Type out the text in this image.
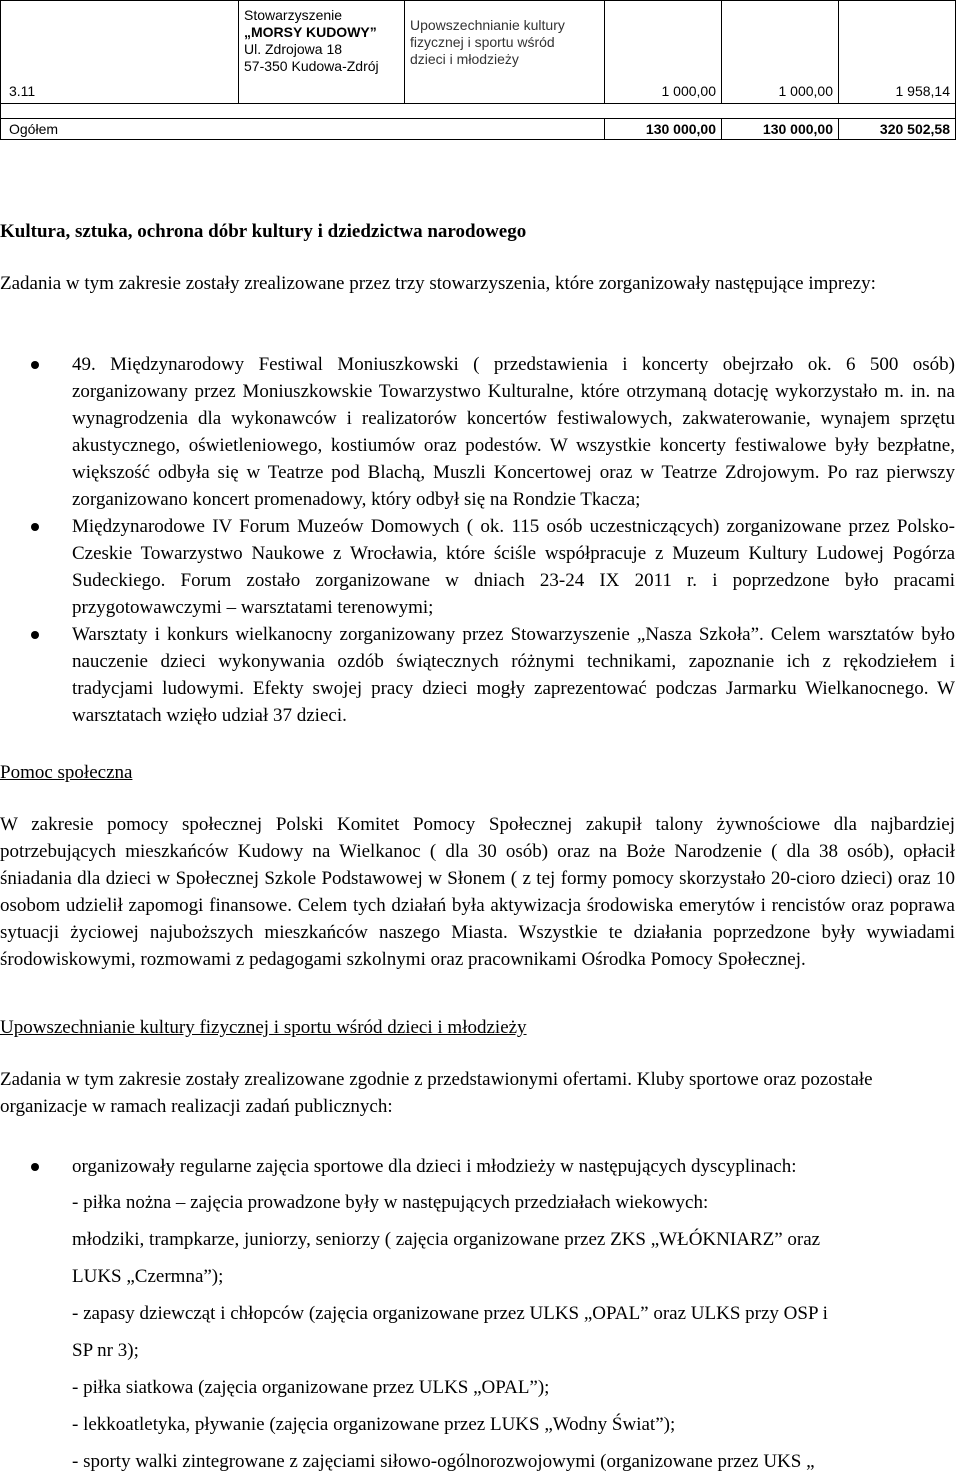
3.11	Stowarzyszenie
„MORSY KUDOWY”
Ul. Zdrojowa 18
57-350 Kudowa-Zdrój	Upowszechnianie kultury
fizycznej i sportu wśród
dzieci i młodzieży	1 000,00	1 000,00	1 958,14

Ogółem			130 000,00	130 000,00	320 502,58
Kultura, sztuka, ochrona dóbr kultury i dziedzictwa narodowego
Zadania w tym zakresie zostały zrealizowane przez trzy stowarzyszenia, które zorganizowały następujące imprezy:
49. Międzynarodowy Festiwal Moniuszkowski ( przedstawienia i koncerty obejrzało ok. 6 500 osób) zorganizowany przez Moniuszkowskie Towarzystwo Kulturalne, które otrzymaną dotację wykorzystało m. in. na wynagrodzenia dla wykonawców i realizatorów koncertów festiwalowych, zakwaterowanie, wynajem sprzętu akustycznego, oświetleniowego, kostiumów oraz podestów. W wszystkie koncerty festiwalowe były bezpłatne, większość odbyła się w Teatrze pod Blachą, Muszli Koncertowej oraz w Teatrze Zdrojowym. Po raz pierwszy zorganizowano koncert promenadowy, który odbył się na Rondzie Tkacza;
Międzynarodowe IV Forum Muzeów Domowych ( ok. 115 osób uczestniczących) zorganizowane przez Polsko-Czeskie Towarzystwo Naukowe z Wrocławia, które ściśle współpracuje z Muzeum Kultury Ludowej Pogórza Sudeckiego. Forum zostało zorganizowane w dniach 23-24 IX 2011 r. i poprzedzone było pracami przygotowawczymi – warsztatami terenowymi;
Warsztaty i konkurs wielkanocny zorganizowany przez Stowarzyszenie „Nasza Szkoła”. Celem warsztatów było nauczenie dzieci wykonywania ozdób świątecznych różnymi technikami, zapoznanie ich z rękodziełem i tradycjami ludowymi. Efekty swojej pracy dzieci mogły zaprezentować podczas Jarmarku Wielkanocnego. W warsztatach wzięło udział 37 dzieci.
Pomoc społeczna
W zakresie pomocy społecznej Polski Komitet Pomocy Społecznej zakupił talony żywnościowe dla najbardziej potrzebujących mieszkańców Kudowy na Wielkanoc ( dla 30 osób) oraz na Boże Narodzenie ( dla 38 osób), opłacił śniadania dla dzieci w Społecznej Szkole Podstawowej w Słonem ( z tej formy pomocy skorzystało 20-cioro dzieci) oraz 10 osobom udzielił zapomogi finansowe. Celem tych działań była aktywizacja środowiska emerytów i rencistów oraz poprawa sytuacji życiowej najuboższych mieszkańców naszego Miasta. Wszystkie te działania poprzedzone były wywiadami środowiskowymi, rozmowami z pedagogami szkolnymi oraz pracownikami Ośrodka Pomocy Społecznej.
Upowszechnianie kultury fizycznej i sportu wśród dzieci i młodzieży
Zadania w tym zakresie zostały zrealizowane zgodnie z przedstawionymi ofertami. Kluby sportowe oraz pozostałe organizacje w ramach realizacji zadań publicznych:
organizowały regularne zajęcia sportowe dla dzieci i młodzieży w następujących dyscyplinach:
- piłka nożna – zajęcia prowadzone były w następujących przedziałach wiekowych:
młodziki, trampkarze, juniorzy, seniorzy ( zajęcia organizowane przez ZKS „WŁÓKNIARZ” oraz
LUKS „Czermna”);
- zapasy dziewcząt i chłopców (zajęcia organizowane przez ULKS „OPAL” oraz ULKS przy OSP i
SP nr 3);
- piłka siatkowa (zajęcia organizowane przez ULKS „OPAL”);
- lekkoatletyka, pływanie (zajęcia organizowane przez LUKS „Wodny Świat”);
- sporty walki zintegrowane z zajęciami siłowo-ogólnorozwojowymi (organizowane przez UKS „
